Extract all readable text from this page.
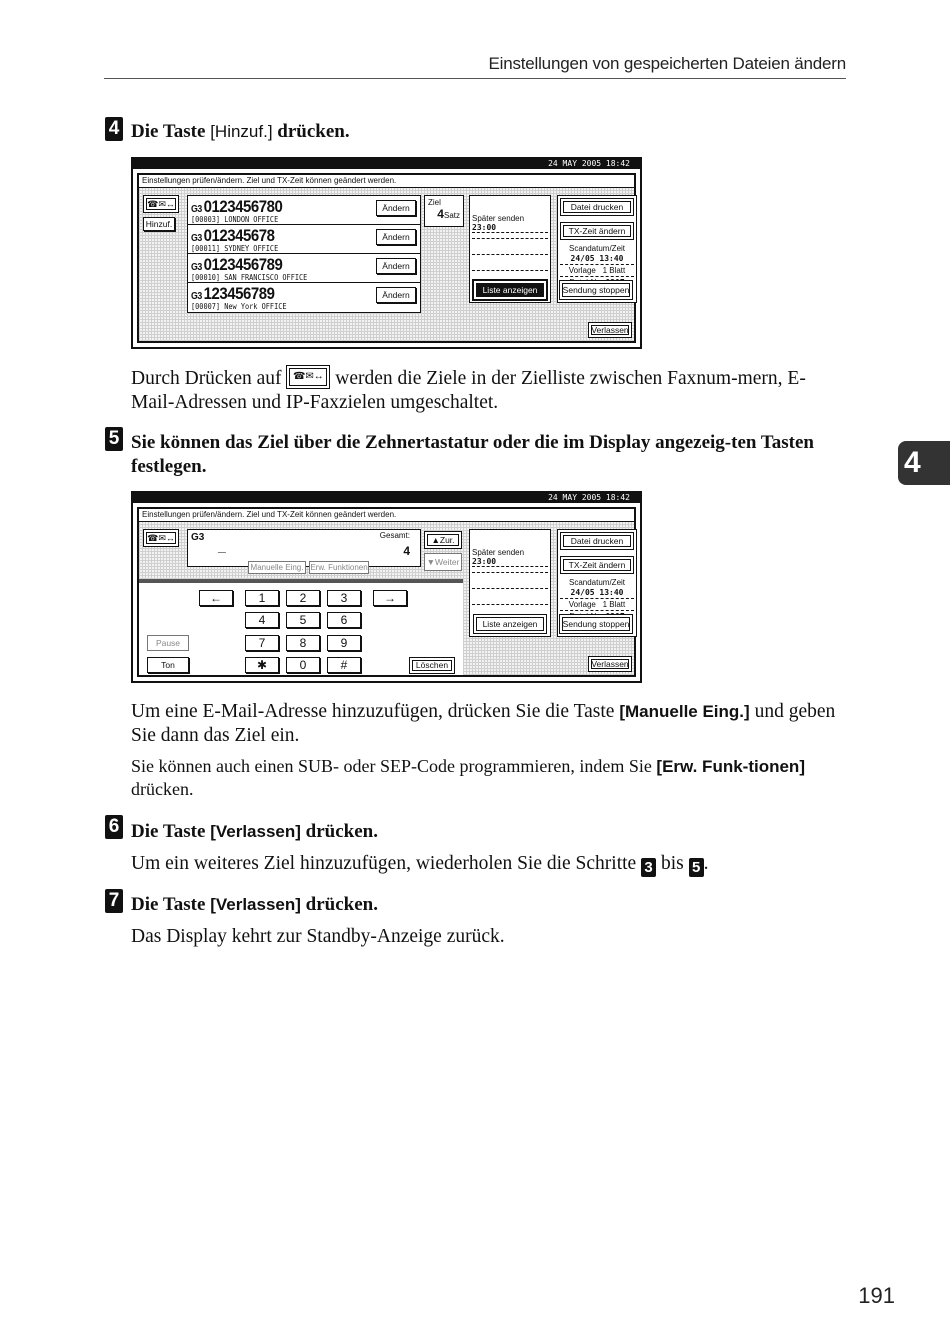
Einstellungen von gespeicherten Dateien ändern
4 Die Taste [Hinzuf.] drücken.
24 MAY 2005 18:42
Einstellungen prüfen/ändern. Ziel und TX-Zeit können geändert werden.
☎✉↔
Hinzuf.
G3 0123456780
[00003] LONDON OFFICE
Ändern
G3 012345678
[00011] SYDNEY OFFICE
Ändern
G3 0123456789
[00010] SAN FRANCISCO OFFICE
Ändern
G3 123456789
[00007] New York OFFICE
Ändern
Ziel
4Satz Später senden 23:00
Liste anzeigen
Datei drucken
TX-Zeit ändern
Scandatum/Zeit
24/05 13:40
Vorlage 1 Blatt
Sendung stoppen
Verlassen
Durch Drücken auf	☎✉↔ werden die Ziele in der Zielliste zwischen Faxnum-mern, E-Mail-Adressen und IP-Faxzielen umgeschaltet.
5 Sie können das Ziel über die Zehnertastatur oder die im Display angezeig-ten Tasten festlegen.	4
24 MAY 2005 18:42
Einstellungen prüfen/ändern. Ziel und TX-Zeit können geändert werden.
☎✉↔	G3
_
Gesamt:
4
Manuelle Eing. Erw. Funktionen
▲Zur.
▼Weiter
←	1	2	3	→
4	5	6
7	8	9
✱	0	#
Pause
Ton	Löschen
Später senden 23:00
Liste anzeigen
Datei drucken
TX-Zeit ändern
Scandatum/Zeit
24/05 13:40
Vorlage 1 Blatt
Sendung stoppen
Verlassen
Um eine E-Mail-Adresse hinzuzufügen, drücken Sie die Taste [Manuelle Eing.] und geben Sie dann das Ziel ein.
Sie können auch einen SUB- oder SEP-Code programmieren, indem Sie [Erw. Funk-tionen] drücken.
6 Die Taste [Verlassen] drücken.
Um ein weiteres Ziel hinzuzufügen, wiederholen Sie die Schritte 3 bis 5 .
7 Die Taste [Verlassen] drücken.
Das Display kehrt zur Standby-Anzeige zurück.
191
